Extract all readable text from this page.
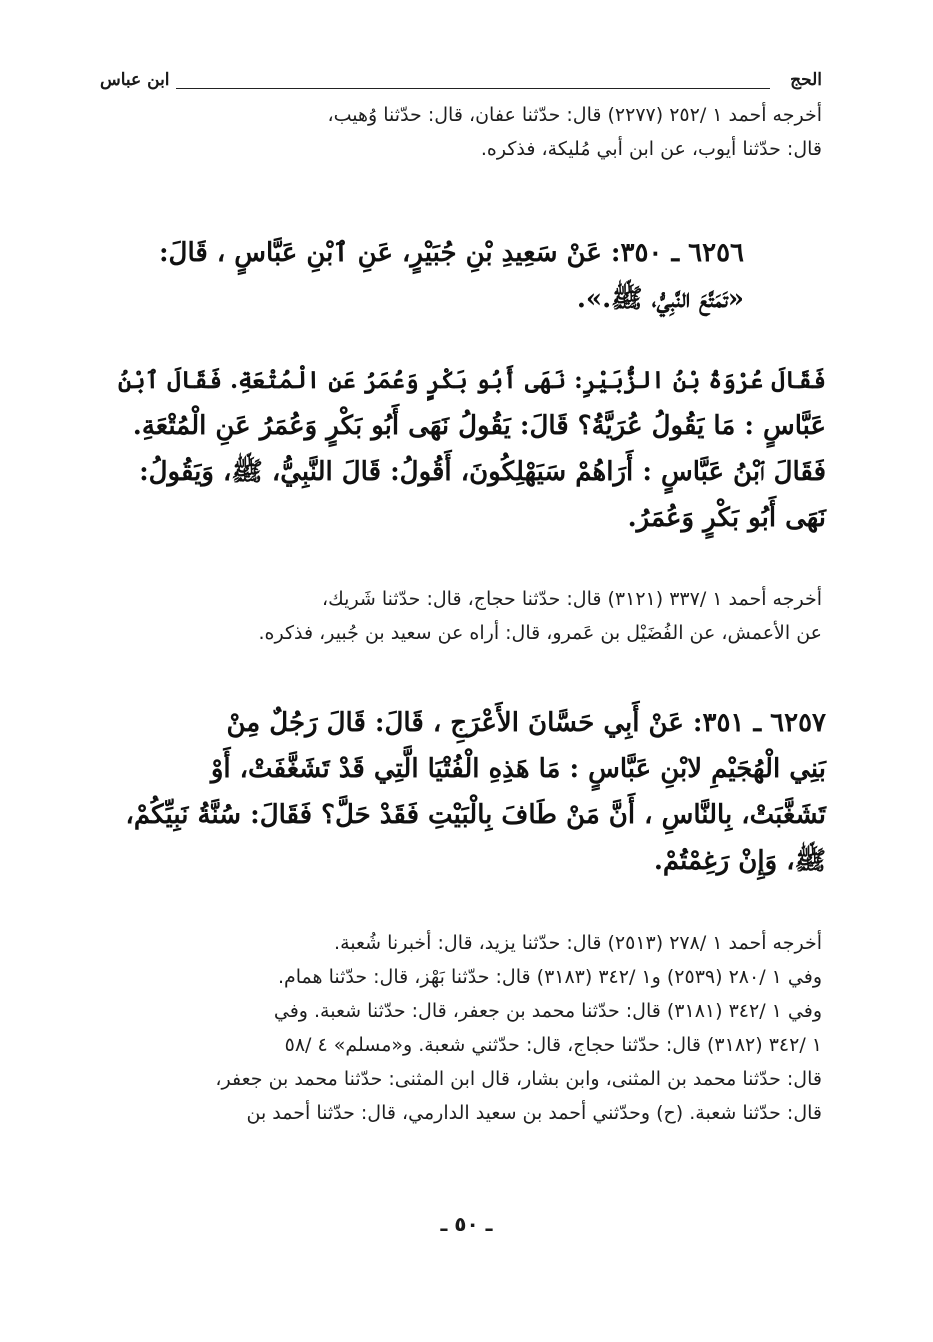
الحج
ابن عباس
أخرجه أحمد ١ /٢٥٢ (٢٢٧٧) قال: حدّثنا عفان، قال: حدّثنا وُهيب،
قال: حدّثنا أيوب، عن ابن أبي مُليكة، فذكره.
٦٢٥٦ ـ ٣٥٠: عَنْ سَعِيدِ بْنِ جُبَيْرٍ، عَنِ ٱبْنِ عَبَّاسٍ ، قَالَ:
«تَمَتَّعَ النَّبِيُّ، ﷺ.».
فَقَالَ عُرْوَةُ بْنُ الزُّبَيْرِ: نَهَى أَبُو بَكْرٍ وَعُمَرُ عَنِ الْمُتْعَةِ. فَقَالَ ٱبْنُ
عَبَّاسٍ : مَا يَقُولُ عُرَيَّةُ؟ قَالَ: يَقُولُ نَهَى أَبُو بَكْرٍ وَعُمَرُ عَنِ الْمُتْعَةِ.
فَقَالَ ٱبْنُ عَبَّاسٍ : أَرَاهُمْ سَيَهْلِكُونَ، أَقُولُ: قَالَ النَّبِيُّ، ﷺ، وَيَقُولُ:
نَهَى أَبُو بَكْرٍ وَعُمَرُ.
أخرجه أحمد ١ /٣٣٧ (٣١٢١) قال: حدّثنا حجاج، قال: حدّثنا شَريك،
عن الأعمش، عن الفُضَيْل بن عَمرو، قال: أراه عن سعيد بن جُبير، فذكره.
٦٢٥٧ ـ ٣٥١: عَنْ أَبِي حَسَّانَ الأَعْرَجِ ، قَالَ: قَالَ رَجُلٌ مِنْ
بَنِي الْهُجَيْمِ لابْنِ عَبَّاسٍ : مَا هَذِهِ الْفُتْيَا الَّتِي قَدْ تَشَغَّفَتْ، أَوْ
تَشَغَّبَتْ، بِالنَّاسِ ، أَنَّ مَنْ طَافَ بِالْبَيْتِ فَقَدْ حَلَّ؟ فَقَالَ: سُنَّةُ نَبِيِّكُمْ،
ﷺ، وَإِنْ رَغِمْتُمْ.
أخرجه أحمد ١ /٢٧٨ (٢٥١٣) قال: حدّثنا يزيد، قال: أخبرنا شُعبة.
وفي ١ /٢٨٠ (٢٥٣٩) و١ /٣٤٢ (٣١٨٣) قال: حدّثنا بَهْز، قال: حدّثنا همام.
وفي ١ /٣٤٢ (٣١٨١) قال: حدّثنا محمد بن جعفر، قال: حدّثنا شعبة. وفي
١ /٣٤٢ (٣١٨٢) قال: حدّثنا حجاج، قال: حدّثني شعبة. و«مسلم» ٤ /٥٨
قال: حدّثنا محمد بن المثنى، وابن بشار، قال ابن المثنى: حدّثنا محمد بن جعفر،
قال: حدّثنا شعبة. (ح) وحدّثني أحمد بن سعيد الدارمي، قال: حدّثنا أحمد بن
ـ ٥٠ ـ
